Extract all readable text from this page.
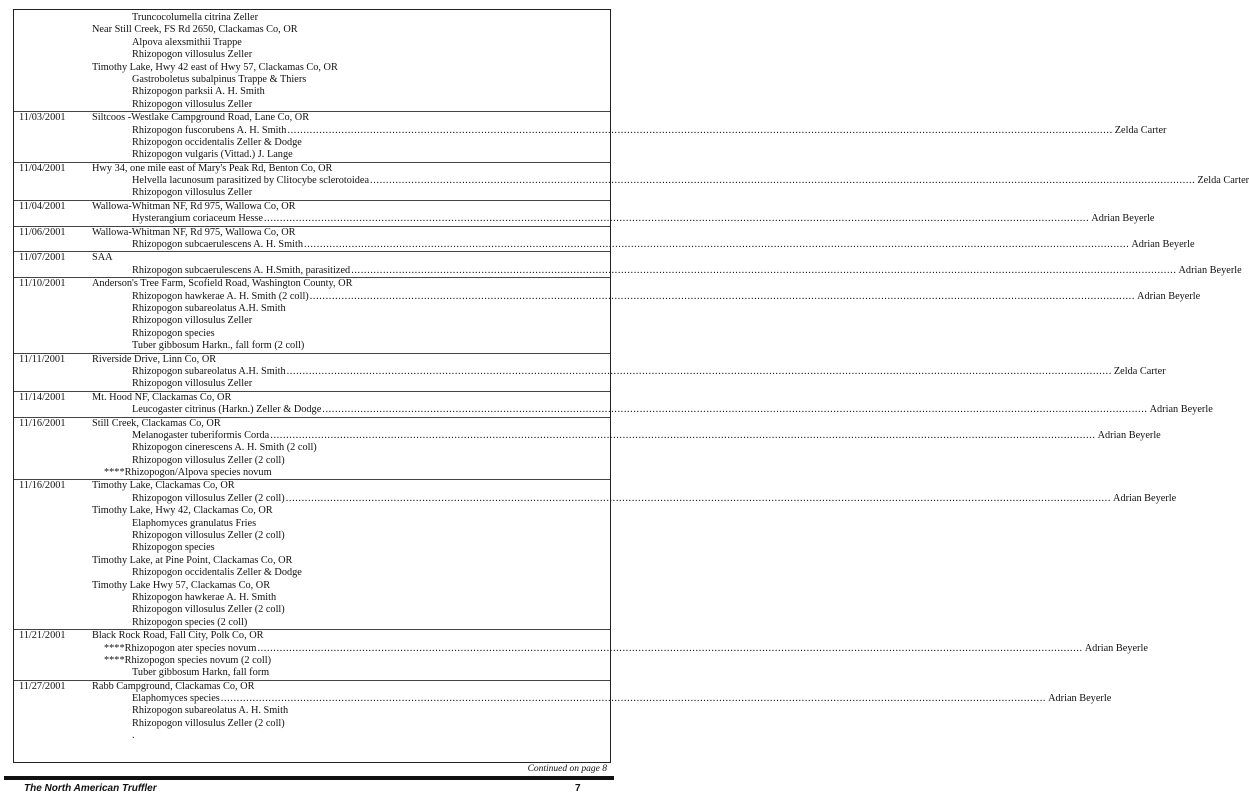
Truncocolumella citrina Zeller
Near Still Creek, FS Rd 2650, Clackamas Co, OR
Alpova alexsmithii Trappe
Rhizopogon villosulus Zeller
Timothy Lake, Hwy 42 east of Hwy 57, Clackamas Co, OR
Gastroboletus subalpinus Trappe & Thiers
Rhizopogon parksii A. H. Smith
Rhizopogon villosulus Zeller
11/03/2001	Siltcoos -Westlake Campground Road, Lane Co, OR
Rhizopogon fuscorubens A. H. Smith .................................................................................................................................................................................................................................................................... Zelda Carter
Rhizopogon occidentalis Zeller & Dodge
Rhizopogon vulgaris (Vittad.) J. Lange
11/04/2001	Hwy 34, one mile east of Mary's Peak Rd, Benton Co, OR
Helvella lacunosum parasitized by Clitocybe sclerotoidea .................................................................................................................................................................................................................................................................... Zelda Carter
Rhizopogon villosulus Zeller
11/04/2001	Wallowa-Whitman NF, Rd 975, Wallowa Co, OR
Hysterangium coriaceum Hesse .................................................................................................................................................................................................................................................................... Adrian Beyerle
11/06/2001	Wallowa-Whitman NF, Rd 975, Wallowa Co, OR
Rhizopogon subcaerulescens A. H. Smith .................................................................................................................................................................................................................................................................... Adrian Beyerle
11/07/2001	SAA
Rhizopogon subcaerulescens A. H.Smith, parasitized .................................................................................................................................................................................................................................................................... Adrian Beyerle
11/10/2001	Anderson's Tree Farm, Scofield Road, Washington County, OR
Rhizopogon hawkerae A. H. Smith (2 coll) .................................................................................................................................................................................................................................................................... Adrian Beyerle
Rhizopogon subareolatus A.H. Smith
Rhizopogon villosulus Zeller
Rhizopogon species
Tuber gibbosum Harkn., fall form (2 coll)
11/11/2001	Riverside Drive, Linn Co, OR
Rhizopogon subareolatus A.H. Smith .................................................................................................................................................................................................................................................................... Zelda Carter
Rhizopogon villosulus Zeller
11/14/2001	Mt. Hood NF, Clackamas Co, OR
Leucogaster citrinus (Harkn.) Zeller & Dodge .................................................................................................................................................................................................................................................................... Adrian Beyerle
11/16/2001	Still Creek, Clackamas Co, OR
Melanogaster tuberiformis Corda .................................................................................................................................................................................................................................................................... Adrian Beyerle
Rhizopogon cinerescens A. H. Smith (2 coll)
Rhizopogon villosulus Zeller (2 coll)
****Rhizopogon/Alpova species novum
11/16/2001	Timothy Lake, Clackamas Co, OR
Rhizopogon villosulus Zeller (2 coll) .................................................................................................................................................................................................................................................................... Adrian Beyerle
Timothy Lake, Hwy 42, Clackamas Co, OR
Elaphomyces granulatus Fries
Rhizopogon villosulus Zeller (2 coll)
Rhizopogon species
Timothy Lake, at Pine Point, Clackamas Co, OR
Rhizopogon occidentalis Zeller & Dodge
Timothy Lake Hwy 57, Clackamas Co, OR
Rhizopogon hawkerae A. H. Smith
Rhizopogon villosulus Zeller (2 coll)
Rhizopogon species (2 coll)
11/21/2001	Black Rock Road, Fall City, Polk Co, OR
****Rhizopogon ater species novum .................................................................................................................................................................................................................................................................... Adrian Beyerle
****Rhizopogon species novum (2 coll)
Tuber gibbosum Harkn, fall form
11/27/2001	Rabb Campground, Clackamas Co, OR
Elaphomyces species .................................................................................................................................................................................................................................................................... Adrian Beyerle
Rhizopogon subareolatus A. H. Smith
Rhizopogon villosulus Zeller (2 coll)
.
Continued on page 8
The North American Truffler	7
